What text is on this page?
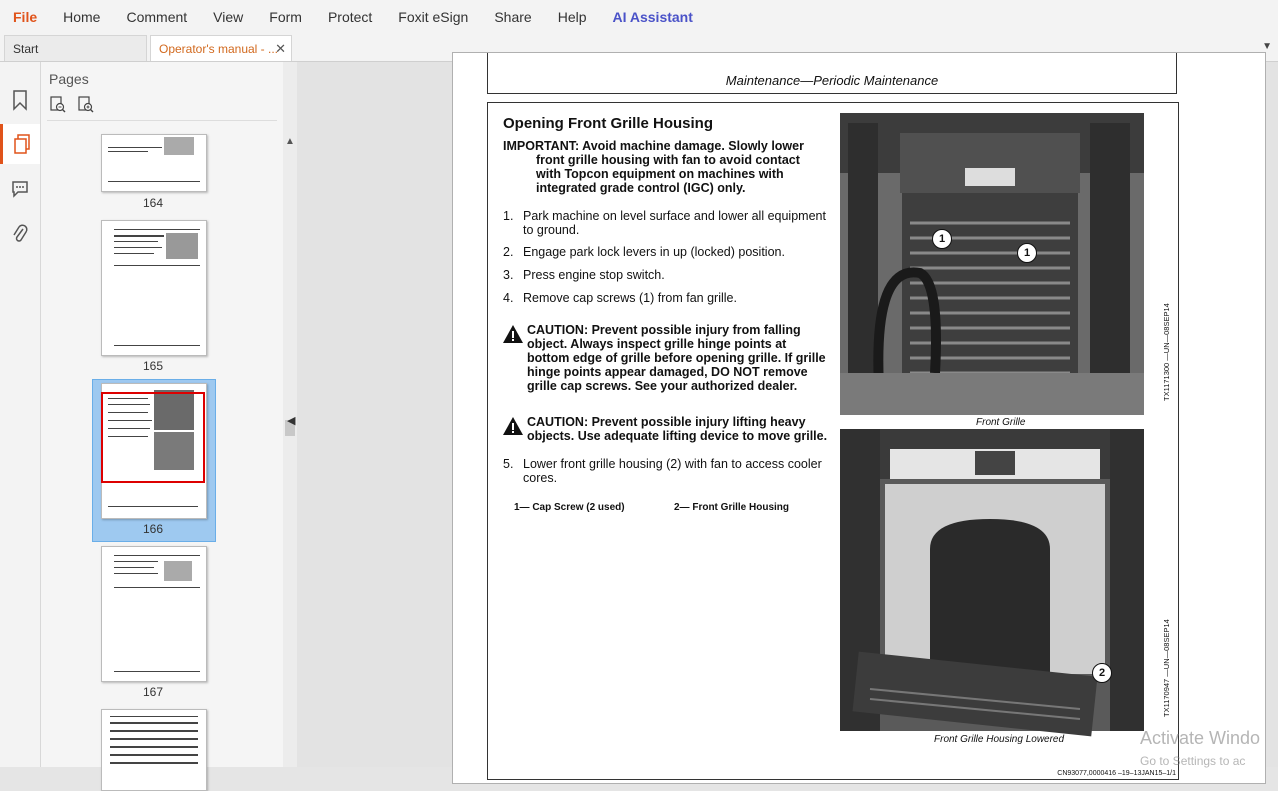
File	Home	Comment	View	Form	Protect	Foxit eSign	Share	Help	AI Assistant
Start	Operator's manual - ...
✕	▼
Pages
164
165
166
167
▲
◀
Maintenance—Periodic Maintenance
Opening Front Grille Housing
IMPORTANT: Avoid machine damage. Slowly lower
front grille housing with fan to avoid contact
with Topcon equipment on machines with
integrated grade control (IGC) only.
1. Park machine on level surface and lower all equipment to ground.
2. Engage park lock levers in up (locked) position.
3. Press engine stop switch.
4. Remove cap screws (1) from fan grille.
CAUTION: Prevent possible injury from falling object. Always inspect grille hinge points at bottom edge of grille before opening grille. If grille hinge points appear damaged, DO NOT remove grille cap screws. See your authorized dealer.
CAUTION: Prevent possible injury lifting heavy objects. Use adequate lifting device to move grille.
5. Lower front grille housing (2) with fan to access cooler cores.
1— Cap Screw (2 used)	2— Front Grille Housing
1
1
Front Grille
TX1171300 —UN—08SEP14
2
Front Grille Housing Lowered
TX1170947 —UN—08SEP14
CN93077,0000416 –19–13JAN15–1/1
Activate Windo
Go to Settings to ac
